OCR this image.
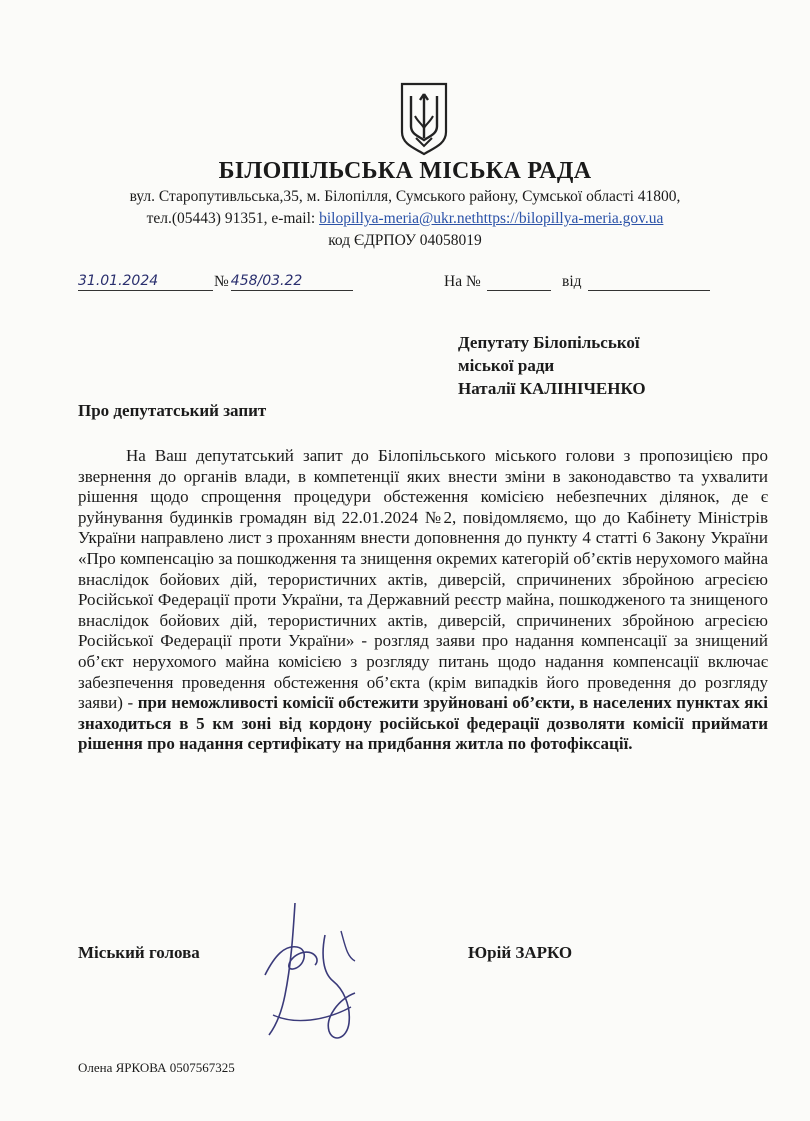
БІЛОПІЛЬСЬКА МІСЬКА РАДА
вул. Старопутивльська,35, м. Білопілля, Сумського району, Сумської області 41800,
тел.(05443) 91351, e-mail: bilopillya-meria@ukr.nethttps://bilopillya-meria.gov.ua
код ЄДРПОУ 04058019
31.01.2024	№ 458/03.22	На №	від
Депутату Білопільської
міської ради
Наталії КАЛІНІЧЕНКО
Про депутатський запит
На Ваш депутатський запит до Білопільського міського голови з пропозицією про звернення до органів влади, в компетенції яких внести зміни в законодавство та ухвалити рішення щодо спрощення процедури обстеження комісією небезпечних ділянок, де є руйнування будинків громадян від 22.01.2024 №2, повідомляємо, що до Кабінету Міністрів України направлено лист з проханням внести доповнення до пункту 4 статті 6 Закону України «Про компенсацію за пошкодження та знищення окремих категорій об’єктів нерухомого майна внаслідок бойових дій, терористичних актів, диверсій, спричинених збройною агресією Російської Федерації проти України, та Державний реєстр майна, пошкодженого та знищеного внаслідок бойових дій, терористичних актів, диверсій, спричинених збройною агресією Російської Федерації проти України» - розгляд заяви про надання компенсації за знищений об’єкт нерухомого майна комісією з розгляду питань щодо надання компенсації включає забезпечення проведення обстеження об’єкта (крім випадків його проведення до розгляду заяви) - при неможливості комісії обстежити зруйновані об’єкти, в населених пунктах які знаходиться в 5 км зоні від кордону російської федерації дозволяти комісії приймати рішення про надання сертифікату на придбання житла по фотофіксації.
Міський голова	Юрій ЗАРКО
Олена ЯРКОВА 0507567325
